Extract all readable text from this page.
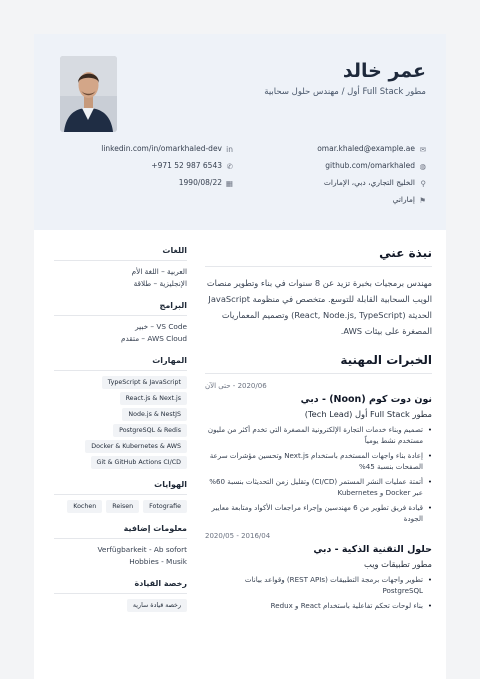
عمر خالد
مطور Full Stack أول / مهندس حلول سحابية
✉
omar.khaled@example.ae
in
linkedin.com/in/omarkhaled-dev
◍
github.com/omarkhaled
✆
+971 52 987 6543
⚲
الخليج التجاري، دبي، الإمارات
▦
1990/08/22
⚑
إماراتي
نبذة عني
مهندس برمجيات بخبرة تزيد عن 8 سنوات في بناء وتطوير منصات الويب السحابية القابلة للتوسع. متخصص في منظومة JavaScript الحديثة (React, Node.js, TypeScript) وتصميم المعماريات المصغرة على بيئات AWS.
الخبرات المهنية
2020/06 - حتى الآن
نون دوت كوم (Noon) - دبي
مطور Full Stack أول (Tech Lead)
• تصميم وبناء خدمات التجارة الإلكترونية المصغرة التي تخدم أكثر من مليون مستخدم نشط يومياً
• إعادة بناء واجهات المستخدم باستخدام Next.js وتحسين مؤشرات سرعة الصفحات بنسبة 45%
• أتمتة عمليات النشر المستمر (CI/CD) وتقليل زمن التحديثات بنسبة 60% عبر Docker و Kubernetes
• قيادة فريق تطوير من 6 مهندسين وإجراء مراجعات الأكواد ومتابعة معايير الجودة
2016/04 - 2020/05
حلول التقنية الذكية - دبي
مطور تطبيقات ويب
• تطوير واجهات برمجة التطبيقات (REST APIs) وقواعد بيانات PostgreSQL
• بناء لوحات تحكم تفاعلية باستخدام React و Redux
اللغات
العربية – اللغة الأم
الإنجليزية – طلاقة
البرامج
VS Code – خبير
AWS Cloud – متقدم
المهارات
TypeScript & JavaScript
React.js & Next.js
Node.js & NestJS
PostgreSQL & Redis
Docker & Kubernetes & AWS
Git & GitHub Actions CI/CD
الهوايات
Fotografie
Reisen
Kochen
معلومات إضافية
Verfügbarkeit - Ab sofort
Hobbies - Musik
رخصة القيادة
رخصة قيادة سارية
